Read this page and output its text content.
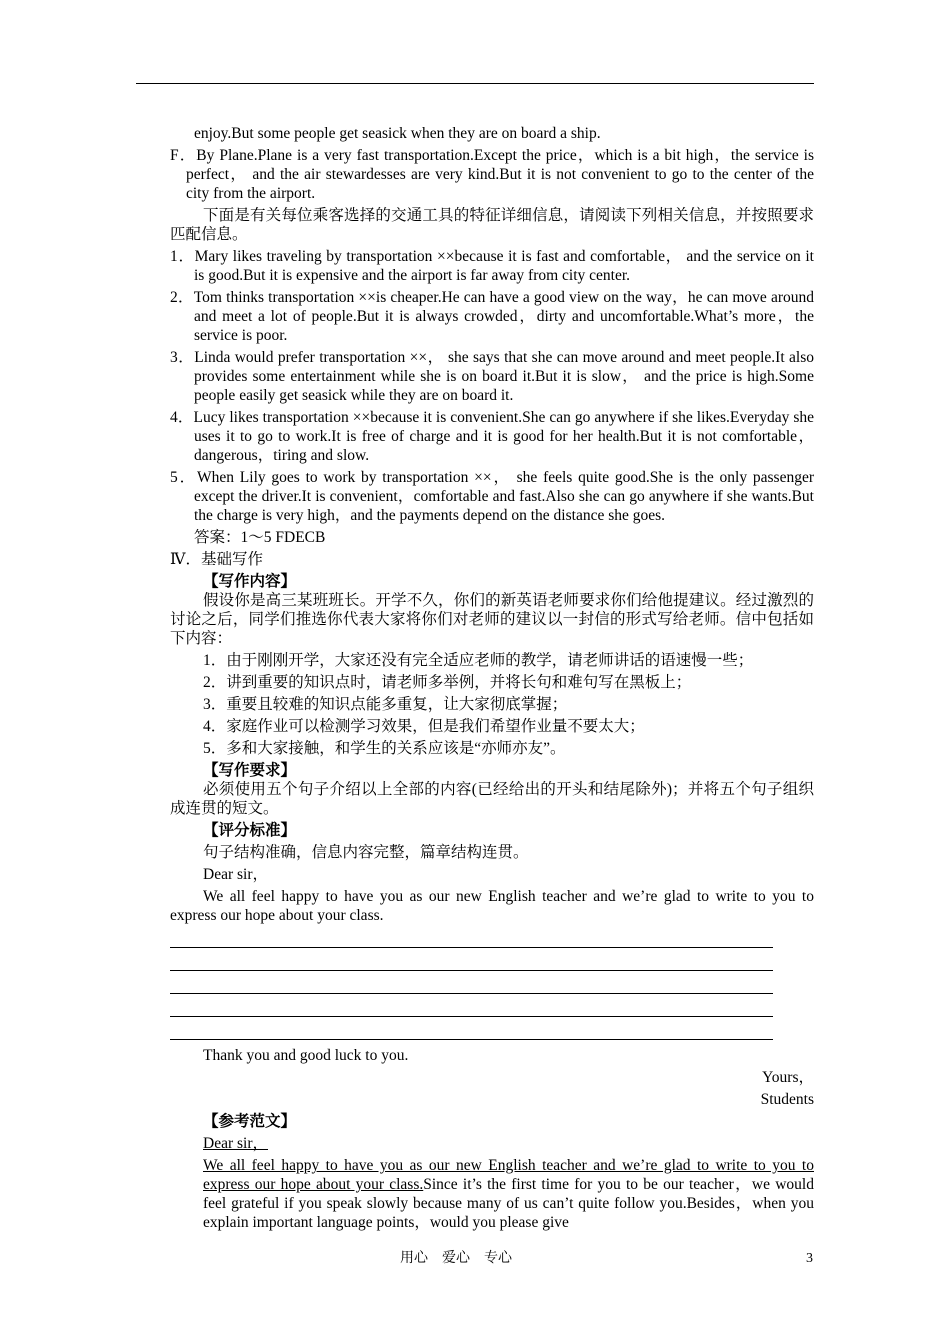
enjoy.But some people get seasick when they are on board a ship.

F．By Plane.Plane is a very fast transportation.Except the price，which is a bit high，the service is perfect， and the air stewardesses are very kind.But it is not convenient to go to the center of the city from the airport.

下面是有关每位乘客选择的交通工具的特征详细信息，请阅读下列相关信息，并按照要求匹配信息。

1．Mary likes traveling by transportation ××because it is fast and comfortable， and the service on it is good.But it is expensive and the airport is far away from city center.

2．Tom thinks transportation ××is cheaper.He can have a good view on the way，he can move around and meet a lot of people.But it is always crowded，dirty and uncomfortable.What’s more，the service is poor.

3．Linda would prefer transportation ××， she says that she can move around and meet people.It also provides some entertainment while she is on board it.But it is slow， and the price is high.Some people easily get seasick while they are on board it.

4．Lucy likes transportation ××because it is convenient.She can go anywhere if she likes.Everyday she uses it to go to work.It is free of charge and it is good for her health.But it is not comfortable，dangerous，tiring and slow.

5．When Lily goes to work by transportation ××， she feels quite good.She is the only passenger except the driver.It is convenient，comfortable and fast.Also she can go anywhere if she wants.But the charge is very high，and the payments depend on the distance she goes.

答案：1～5 FDECB

Ⅳ．基础写作

【写作内容】

假设你是高三某班班长。开学不久，你们的新英语老师要求你们给他提建议。经过激烈的讨论之后，同学们推选你代表大家将你们对老师的建议以一封信的形式写给老师。信中包括如下内容：

1．由于刚刚开学，大家还没有完全适应老师的教学，请老师讲话的语速慢一些；

2．讲到重要的知识点时，请老师多举例，并将长句和难句写在黑板上；

3．重要且较难的知识点能多重复，让大家彻底掌握；

4．家庭作业可以检测学习效果，但是我们希望作业量不要太大；

5．多和大家接触，和学生的关系应该是“亦师亦友”。

【写作要求】

必须使用五个句子介绍以上全部的内容(已经给出的开头和结尾除外)；并将五个句子组织成连贯的短文。

【评分标准】

句子结构准确，信息内容完整，篇章结构连贯。

Dear sir，

We all feel happy to have you as our new English teacher and we’re glad to write to you to express our hope about your class.

Thank you and good luck to you.

Yours，

Students

【参考范文】

Dear sir，

We all feel happy to have you as our new English teacher and we’re glad to write to you to express our hope about your class.Since it’s the first time for you to be our teacher，we would feel grateful if you speak slowly because many of us can’t quite follow you.Besides，when you explain important language points，would you please give

用心　爱心　专心	3
